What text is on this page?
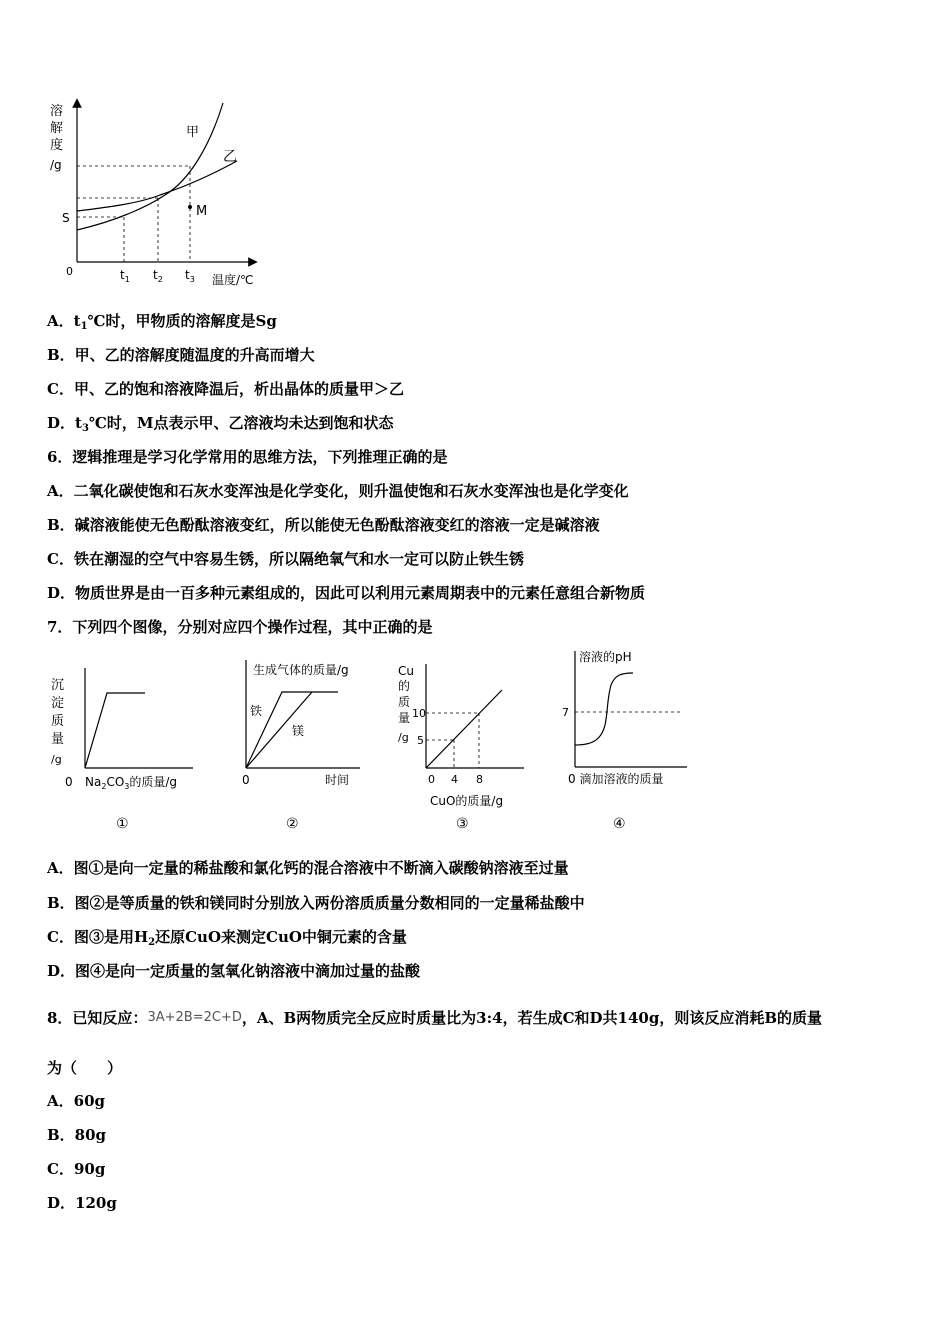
溶
解
度
/g
S
0	$t_1$ $t_2$ $t_3$ 温度/℃
甲
乙
M
A．$t_1℃$时，甲物质的溶解度是Sg
B．甲、乙的溶解度随温度的升高而增大
C．甲、乙的饱和溶液降温后，析出晶体的质量甲＞乙
D．$t_3℃$时，M点表示甲、乙溶液均未达到饱和状态
6．逻辑推理是学习化学常用的思维方法，下列推理正确的是
A．二氧化碳使饱和石灰水变浑浊是化学变化，则升温使饱和石灰水变浑浊也是化学变化
B．碱溶液能使无色酚酞溶液变红，所以能使无色酚酞溶液变红的溶液一定是碱溶液
C．铁在潮湿的空气中容易生锈，所以隔绝氧气和水一定可以防止铁生锈
D．物质世界是由一百多种元素组成的，因此可以利用元素周期表中的元素任意组合新物质
7．下列四个图像，分别对应四个操作过程，其中正确的是
沉
淀
质
量
/g
0 $Na_2CO_3$的质量/g
①
生成气体的质量/g
0	时间
铁
镁
②
Cu
的
质
量
/g
10
5
0 4 8
CuO的质量/g
③
溶液的pH
7
0 滴加溶液的质量
④
A．图①是向一定量的稀盐酸和氯化钙的混合溶液中不断滴入碳酸钠溶液至过量
B．图②是等质量的铁和镁同时分别放入两份溶质质量分数相同的一定量稀盐酸中
C．图③是用$H_2$还原CuO来测定CuO中铜元素的含量
D．图④是向一定质量的氢氧化钠溶液中滴加过量的盐酸
8．已知反应：3A+2B=2C+D，A、B两物质完全反应时质量比为3:4，若生成C和D共140g，则该反应消耗B的质量
为（　　）
A．60g
B．80g
C．90g
D．120g
